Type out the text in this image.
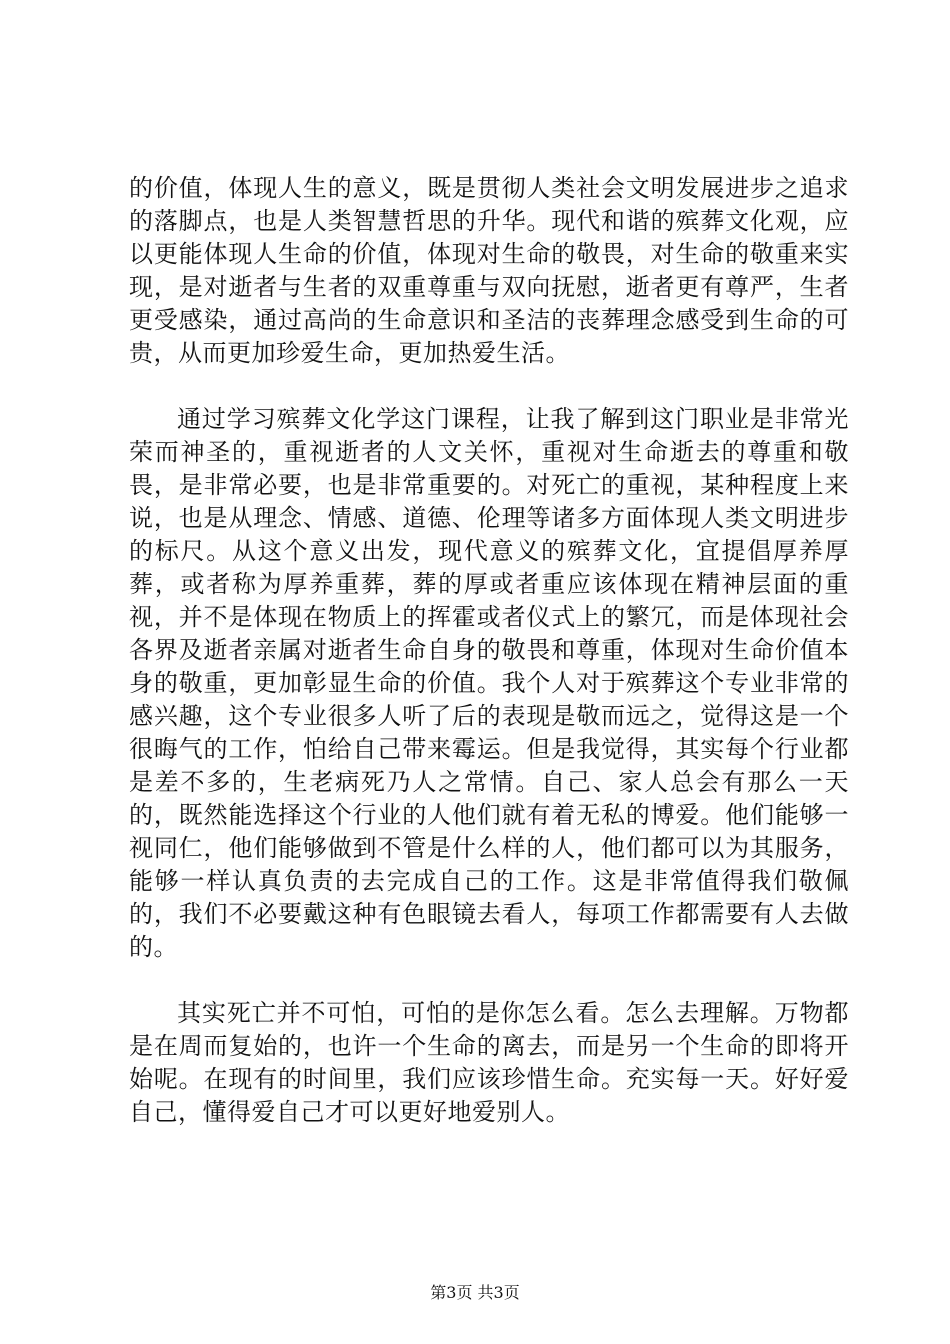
的价值，体现人生的意义，既是贯彻人类社会文明发展进步之追求的落脚点，也是人类智慧哲思的升华。现代和谐的殡葬文化观，应以更能体现人生命的价值，体现对生命的敬畏，对生命的敬重来实现，是对逝者与生者的双重尊重与双向抚慰，逝者更有尊严，生者更受感染，通过高尚的生命意识和圣洁的丧葬理念感受到生命的可贵，从而更加珍爱生命，更加热爱生活。

通过学习殡葬文化学这门课程，让我了解到这门职业是非常光荣而神圣的，重视逝者的人文关怀，重视对生命逝去的尊重和敬畏，是非常必要，也是非常重要的。对死亡的重视，某种程度上来说，也是从理念、情感、道德、伦理等诸多方面体现人类文明进步的标尺。从这个意义出发，现代意义的殡葬文化，宜提倡厚养厚葬，或者称为厚养重葬，葬的厚或者重应该体现在精神层面的重视，并不是体现在物质上的挥霍或者仪式上的繁冗，而是体现社会各界及逝者亲属对逝者生命自身的敬畏和尊重，体现对生命价值本身的敬重，更加彰显生命的价值。我个人对于殡葬这个专业非常的感兴趣，这个专业很多人听了后的表现是敬而远之，觉得这是一个很晦气的工作，怕给自己带来霉运。但是我觉得，其实每个行业都是差不多的，生老病死乃人之常情。自己、家人总会有那么一天的，既然能选择这个行业的人他们就有着无私的博爱。他们能够一视同仁，他们能够做到不管是什么样的人，他们都可以为其服务，能够一样认真负责的去完成自己的工作。这是非常值得我们敬佩的，我们不必要戴这种有色眼镜去看人，每项工作都需要有人去做的。

其实死亡并不可怕，可怕的是你怎么看。怎么去理解。万物都是在周而复始的，也许一个生命的离去，而是另一个生命的即将开始呢。在现有的时间里，我们应该珍惜生命。充实每一天。好好爱自己，懂得爱自己才可以更好地爱别人。

第3页 共3页
